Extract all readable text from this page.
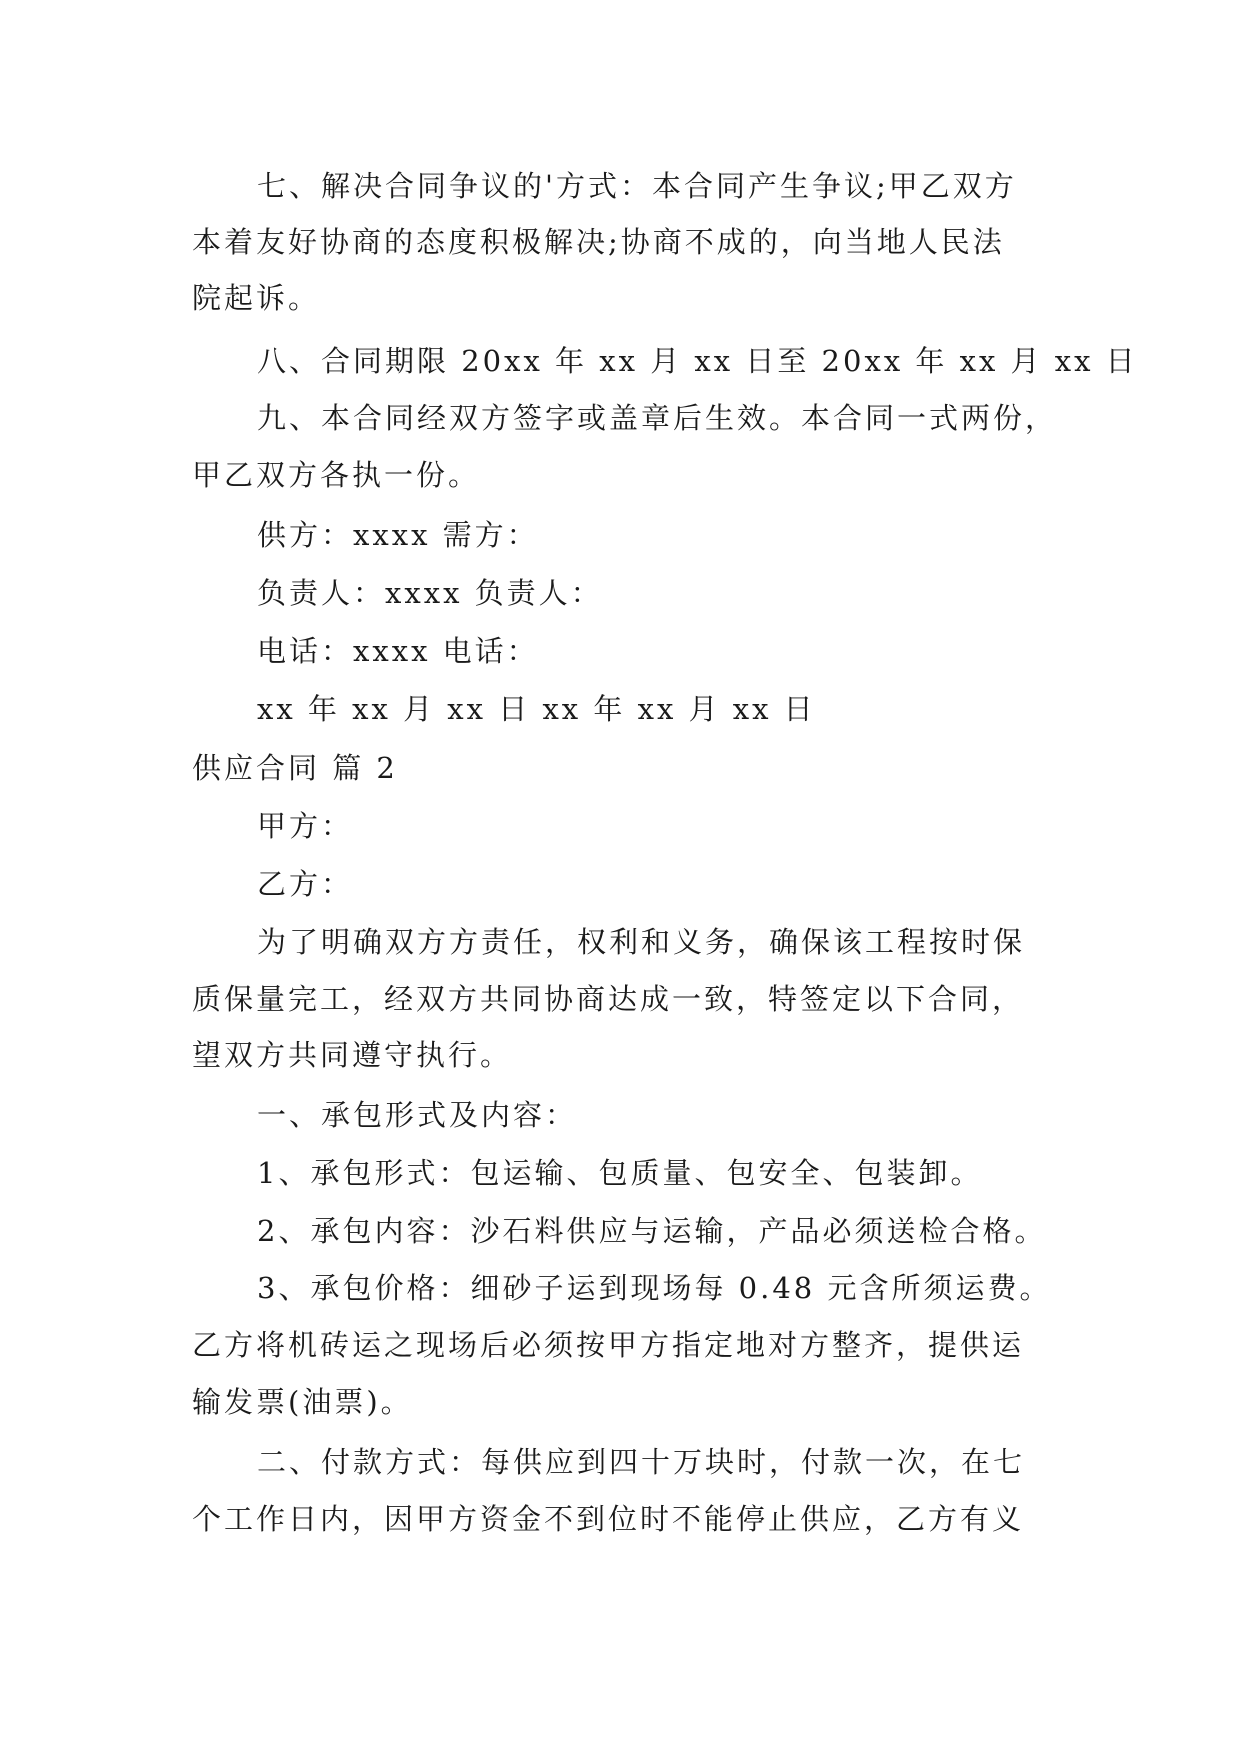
七、解决合同争议的'方式：本合同产生争议;甲乙双方
本着友好协商的态度积极解决;协商不成的，向当地人民法
院起诉。
八、合同期限 20xx 年 xx 月 xx 日至 20xx 年 xx 月 xx 日
九、本合同经双方签字或盖章后生效。本合同一式两份，
甲乙双方各执一份。
供方：xxxx 需方：
负责人：xxxx 负责人：
电话：xxxx 电话：
xx 年 xx 月 xx 日 xx 年 xx 月 xx 日
供应合同 篇 2
甲方：
乙方：
为了明确双方方责任，权利和义务，确保该工程按时保
质保量完工，经双方共同协商达成一致，特签定以下合同，
望双方共同遵守执行。
一、承包形式及内容：
1、承包形式：包运输、包质量、包安全、包装卸。
2、承包内容：沙石料供应与运输，产品必须送检合格。
3、承包价格：细砂子运到现场每 0.48 元含所须运费。
乙方将机砖运之现场后必须按甲方指定地对方整齐，提供运
输发票(油票)。
二、付款方式：每供应到四十万块时，付款一次，在七
个工作日内，因甲方资金不到位时不能停止供应，乙方有义
